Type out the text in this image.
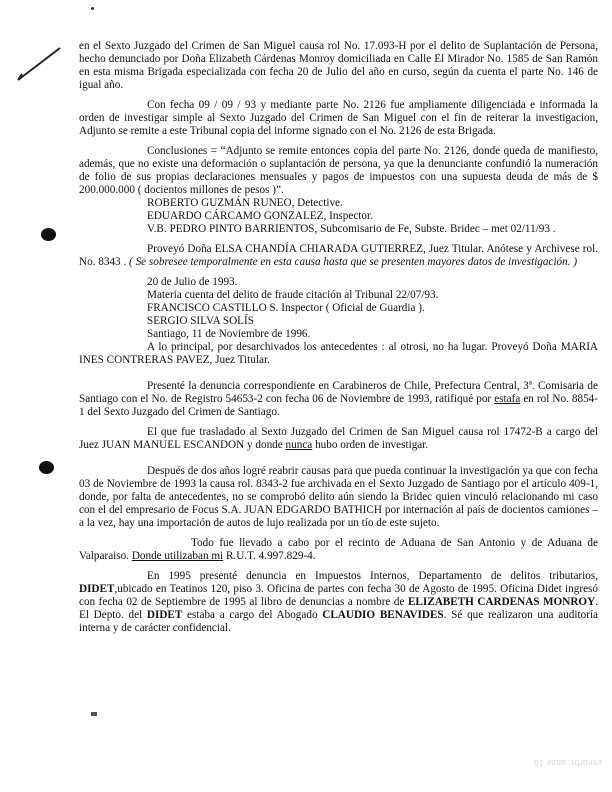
exeurbs: anne 16

en el Sexto Juzgado del Crimen de San Miguel causa rol No. 17.093-H por el delito de Suplantación de Persona, hecho denunciado por Doña Elizabeth Cárdenas Monroy domiciliada en Calle El Mirador No. 1585 de San Ramón en esta misma Brigada especializada con fecha 20 de Julio del año en curso, según da cuenta el parte No. 146 de igual año.

Con fecha 09 / 09 / 93 y mediante parte No. 2126 fue ampliamente diligenciada e informada la orden de investigar simple al Sexto Juzgado del Crimen de San Miguel con el fin de reiterar la investigacion, Adjunto se remite a este Tribunal copia del informe signado con el No. 2126 de esta Brigada.

Conclusiones = “Adjunto se remite entonces copia del parte No. 2126, donde queda de manifiesto, además, que no existe una deformación o suplantación de persona, ya que la denunciante confundió la numeración de folio de sus propias declaraciones mensuales y pagos de impuestos con una supuesta deuda de más de $ 200.000.000 ( docientos millones de pesos )”.

ROBERTO GUZMÁN RUNEO, Detective.

EDUARDO CÁRCAMO GONZALEZ, Inspector.

V.B. PEDRO PINTO BARRIENTOS, Subcomisario de Fe, Subste. Bridec – met 02/11/93 .

Proveyó Doña ELSA CHANDÍA CHIARADA GUTIERREZ, Juez Titular. Anótese y Archivese rol. No. 8343 . ( Se sobresee temporalmente en esta causa hasta que se presenten mayores datos de investigación. )

20 de Julio de 1993.

Materia cuenta del delito de fraude citación al Tribunal 22/07/93.

FRANCISCO CASTILLO S. Inspector ( Oficial de Guardia ).

SERGIO SILVA SOLÍS

Santiago, 11 de Noviembre de 1996.

A lo principal, por desarchivados los antecedentes : al otrosi, no ha lugar. Proveyó Doña MARIA INES CONTRERAS PAVEZ, Juez Titular.

Presenté la denuncia correspondiente en Carabineros de Chile, Prefectura Central, 3ª. Comisaria de Santiago con el No. de Registro 54653-2 con fecha 06 de Noviembre de 1993, ratifiqué por estafa en rol No. 8854-1 del Sexto Juzgado del Crimen de Santiago.

El que fue trasladado al Sexto Juzgado del Crimen de San Miguel causa rol 17472-B a cargo del Juez JUAN MANUEL ESCANDON y donde nunca hubo orden de investigar.

Después de dos años logré reabrir causas para que pueda continuar la investigación ya que con fecha 03 de Noviembre de 1993 la causa rol. 8343-2 fue archivada en el Sexto Juzgado de Santiago por el artículo 409-1, donde, por falta de antecedentes, no se comprobó delito aún siendo la Bridec quien vinculó relacionando mi caso con el del empresario de Focus S.A. JUAN EDGARDO BATHICH por internación al país de docientos camiones – a la vez, hay una importación de autos de lujo realizada por un tío de este sujeto.

Todo fue llevado a cabo por el recinto de Aduana de San Antonio y de Aduana de Valparaiso. Donde utilizaban mi R.U.T. 4.997.829-4.

En 1995 presenté denuncia en Impuestos Internos, Departamento de delitos tributarios, DIDET,ubicado en Teatinos 120, piso 3. Oficina de partes con fecha 30 de Agosto de 1995. Oficina Didet ingresó con fecha 02 de Septiembre de 1995 al libro de denuncias a nombre de ELIZABETH CARDENAS MONROY. El Depto. del DIDET estaba a cargo del Abogado CLAUDIO BENAVIDES. Sé que realizaron una auditoría interna y de carácter confidencial.
